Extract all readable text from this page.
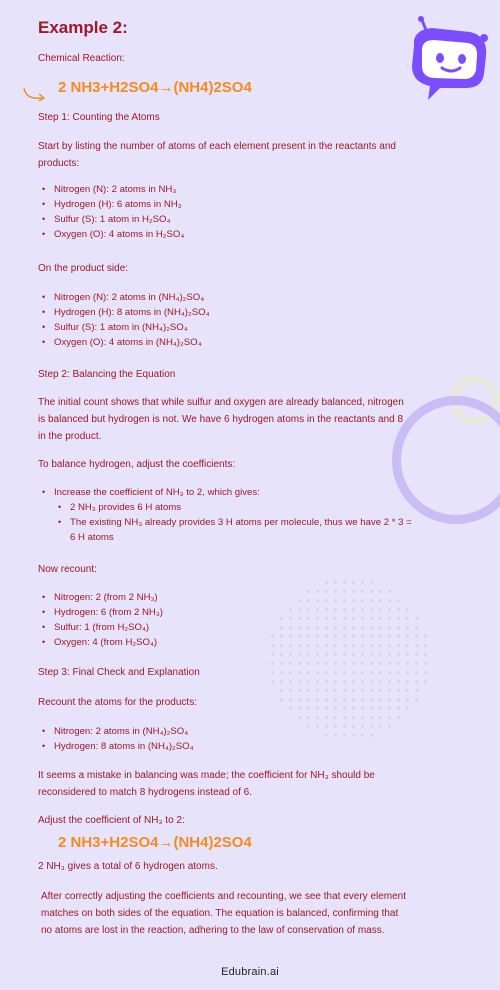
Example 2:
Chemical Reaction:
2 NH3+H2SO4→(NH4)2SO4
Step 1: Counting the Atoms
Start by listing the number of atoms of each element present in the reactants and products:
• Nitrogen (N): 2 atoms in NH₃
• Hydrogen (H): 6 atoms in NH₃
• Sulfur (S): 1 atom in H₂SO₄
• Oxygen (O): 4 atoms in H₂SO₄
On the product side:
• Nitrogen (N): 2 atoms in (NH₄)₂SO₄
• Hydrogen (H): 8 atoms in (NH₄)₂SO₄
• Sulfur (S): 1 atom in (NH₄)₂SO₄
• Oxygen (O): 4 atoms in (NH₄)₂SO₄
Step 2: Balancing the Equation
The initial count shows that while sulfur and oxygen are already balanced, nitrogen is balanced but hydrogen is not. We have 6 hydrogen atoms in the reactants and 8 in the product.
To balance hydrogen, adjust the coefficients:
• Increase the coefficient of NH₃ to 2, which gives:
• 2 NH₃ provides 6 H atoms
• The existing NH₃ already provides 3 H atoms per molecule, thus we have 2 * 3 = 6 H atoms
Now recount:
• Nitrogen: 2 (from 2 NH₃)
• Hydrogen: 6 (from 2 NH₃)
• Sulfur: 1 (from H₂SO₄)
• Oxygen: 4 (from H₂SO₄)
Step 3: Final Check and Explanation
Recount the atoms for the products:
• Nitrogen: 2 atoms in (NH₄)₂SO₄
• Hydrogen: 8 atoms in (NH₄)₂SO₄
It seems a mistake in balancing was made; the coefficient for NH₃ should be reconsidered to match 8 hydrogens instead of 6.
Adjust the coefficient of NH₃ to 2:
2 NH3+H2SO4→(NH4)2SO4
2 NH₃ gives a total of 6 hydrogen atoms.
After correctly adjusting the coefficients and recounting, we see that every element matches on both sides of the equation. The equation is balanced, confirming that no atoms are lost in the reaction, adhering to the law of conservation of mass.
Edubrain.ai
